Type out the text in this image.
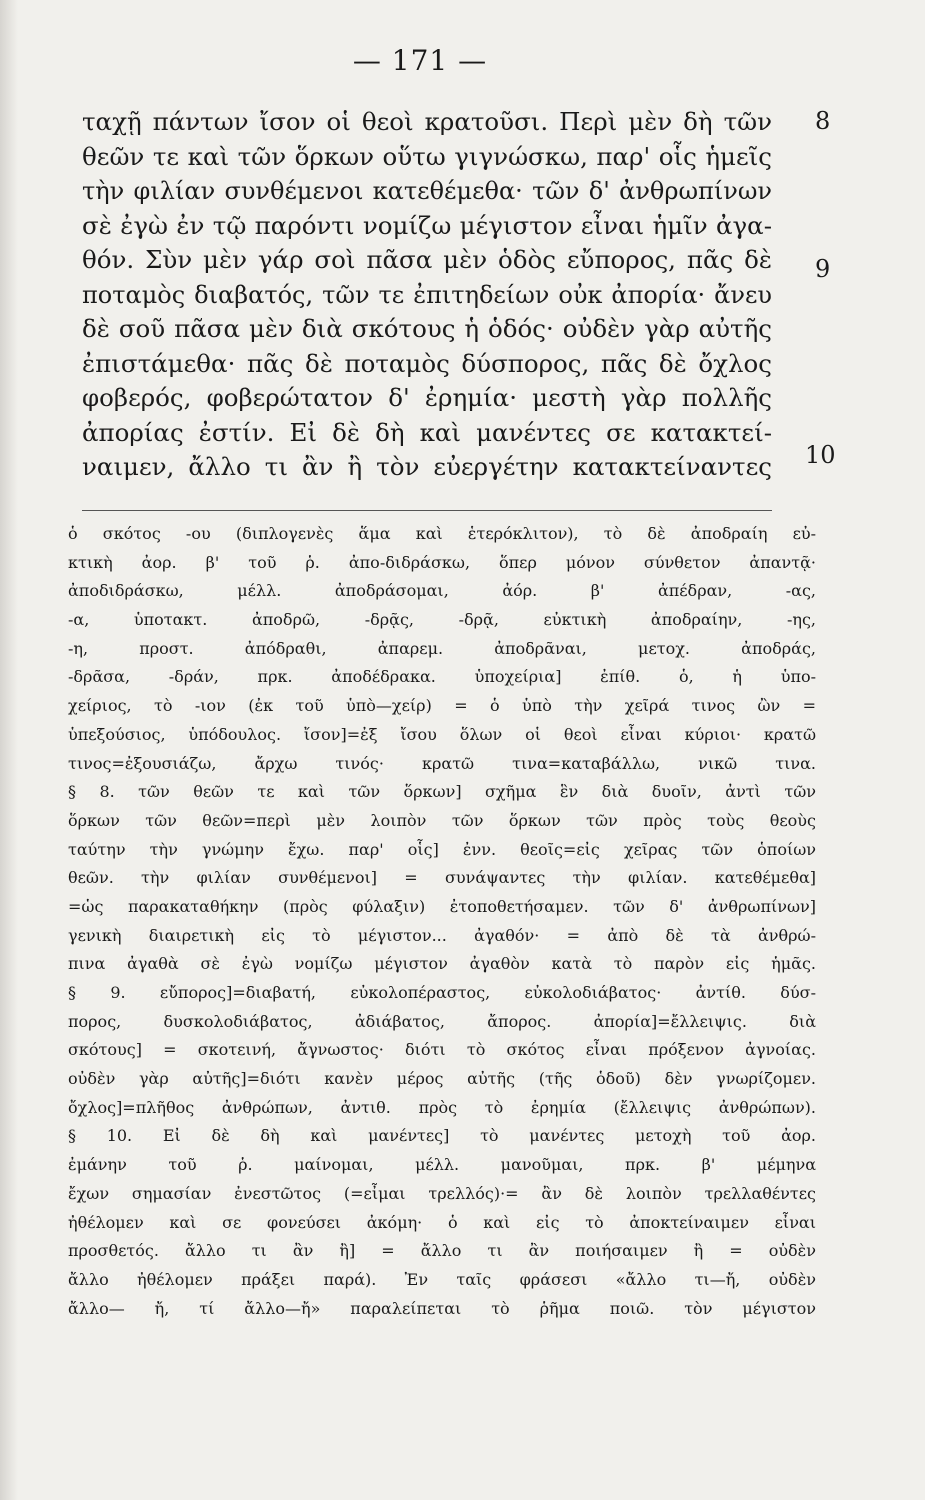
— 171 —
ταχῇ πάντων ἴσον οἱ θεοὶ κρατοῦσι. Περὶ μὲν δὴ τῶν
θεῶν τε καὶ τῶν ὅρκων οὕτω γιγνώσκω, παρ' οἷς ἡμεῖς
τὴν φιλίαν συνθέμενοι κατεθέμεθα· τῶν δ' ἀνθρωπίνων
σὲ ἐγὼ ἐν τῷ παρόντι νομίζω μέγιστον εἶναι ἡμῖν ἀγα-
θόν. Σὺν μὲν γάρ σοὶ πᾶσα μὲν ὁδὸς εὔπορος, πᾶς δὲ
ποταμὸς διαβατός, τῶν τε ἐπιτηδείων οὐκ ἀπορία· ἄνευ
δὲ σοῦ πᾶσα μὲν διὰ σκότους ἡ ὁδός· οὐδὲν γὰρ αὐτῆς
ἐπιστάμεθα· πᾶς δὲ ποταμὸς δύσπορος, πᾶς δὲ ὄχλος
φοβερός, φοβερώτατον δ' ἐρημία· μεστὴ γὰρ πολλῆς
ἀπορίας ἐστίν. Εἰ δὲ δὴ καὶ μανέντες σε κατακτεί-
ναιμεν, ἄλλο τι ἂν ἢ τὸν εὐεργέτην κατακτείναντες
8
9
10
ὁ σκότος -ου (διπλογενὲς ἅμα καὶ ἑτερόκλιτον), τὸ δὲ ἀποδραίη εὐ-
κτικὴ ἀορ. β' τοῦ ῥ. ἀπο-διδράσκω, ὅπερ μόνον σύνθετον ἀπαντᾷ·
ἀποδιδράσκω, μέλλ. ἀποδράσομαι, ἀόρ. β' ἀπέδραν, -ας,
-α, ὑποτακτ. ἀποδρῶ, -δρᾷς, -δρᾷ, εὐκτικὴ ἀποδραίην, -ης,
-η, προστ. ἀπόδραθι, ἀπαρεμ. ἀποδρᾶναι, μετοχ. ἀποδράς,
-δρᾶσα, -δράν, πρκ. ἀποδέδρακα. ὑποχείρια] ἐπίθ. ὁ, ἡ ὑπο-
χείριος, τὸ -ιον (ἐκ τοῦ ὑπὸ—χείρ) = ὁ ὑπὸ τὴν χεῖρά τινος ὢν =
ὑπεξούσιος, ὑπόδουλος. ἴσον]=ἐξ ἴσου ὅλων οἱ θεοὶ εἶναι κύριοι· κρατῶ
τινος=ἐξουσιάζω, ἄρχω τινός· κρατῶ τινα=καταβάλλω, νικῶ τινα.
§ 8. τῶν θεῶν τε καὶ τῶν ὅρκων] σχῆμα ἓν διὰ δυοῖν, ἀντὶ τῶν
ὅρκων τῶν θεῶν=περὶ μὲν λοιπὸν τῶν ὅρκων τῶν πρὸς τοὺς θεοὺς
ταύτην τὴν γνώμην ἔχω. παρ' οἷς] ἐνν. θεοῖς=εἰς χεῖρας τῶν ὁποίων
θεῶν. τὴν φιλίαν συνθέμενοι] = συνάψαντες τὴν φιλίαν. κατεθέμεθα]
=ὡς παρακαταθήκην (πρὸς φύλαξιν) ἐτοποθετήσαμεν. τῶν δ' ἀνθρωπίνων]
γενικὴ διαιρετικὴ εἰς τὸ μέγιστον... ἀγαθόν· = ἀπὸ δὲ τὰ ἀνθρώ-
πινα ἀγαθὰ σὲ ἐγὼ νομίζω μέγιστον ἀγαθὸν κατὰ τὸ παρὸν εἰς ἡμᾶς.
§ 9. εὔπορος]=διαβατή, εὐκολοπέραστος, εὐκολοδιάβατος· ἀντίθ. δύσ-
πορος, δυσκολοδιάβατος, ἀδιάβατος, ἄπορος. ἀπορία]=ἔλλειψις. διὰ
σκότους] = σκοτεινή, ἄγνωστος· διότι τὸ σκότος εἶναι πρόξενον ἀγνοίας.
οὐδὲν γὰρ αὐτῆς]=διότι κανὲν μέρος αὐτῆς (τῆς ὁδοῦ) δὲν γνωρίζομεν.
ὄχλος]=πλῆθος ἀνθρώπων, ἀντιθ. πρὸς τὸ ἐρημία (ἔλλειψις ἀνθρώπων).
§ 10. Εἰ δὲ δὴ καὶ μανέντες] τὸ μανέντες μετοχὴ τοῦ ἀορ.
ἐμάνην τοῦ ῥ. μαίνομαι, μέλλ. μανοῦμαι, πρκ. β' μέμηνα
ἔχων σημασίαν ἐνεστῶτος (=εἶμαι τρελλός)·= ἂν δὲ λοιπὸν τρελλαθέντες
ἠθέλομεν καὶ σε φονεύσει ἀκόμη· ὁ καὶ εἰς τὸ ἀποκτείναιμεν εἶναι
προσθετός. ἄλλο τι ἂν ἢ] = ἄλλο τι ἂν ποιήσαιμεν ἢ = οὐδὲν
ἄλλο ἠθέλομεν πράξει παρά). Ἐν ταῖς φράσεσι «ἄλλο τι—ἤ, οὐδὲν
ἄλλο— ἤ, τί ἄλλο—ἤ» παραλείπεται τὸ ῥῆμα ποιῶ. τὸν μέγιστον
